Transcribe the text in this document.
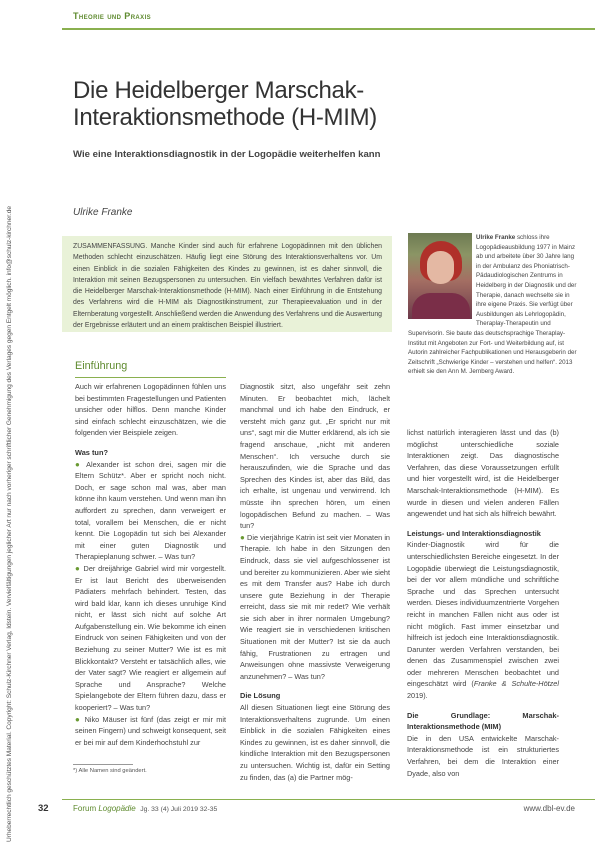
Urheberrechtlich geschütztes Material. Copyright: Schulz-Kirchner Verlag, Idstein. Vervielfältigungen jeglicher Art nur nach vorheriger schriftlicher Genehmigung des Verlages gegen Entgelt möglich. info@schulz-kirchner.de
Theorie und Praxis
Die Heidelberger Marschak-Interaktionsmethode (H-MIM)
Wie eine Interaktionsdiagnostik in der Logopädie weiterhelfen kann
Ulrike Franke
ZUSAMMENFASSUNG. Manche Kinder sind auch für erfahrene Logopädinnen mit den üblichen Methoden schlecht einzuschätzen. Häufig liegt eine Störung des Interaktionsverhaltens vor. Um einen Einblick in die sozialen Fähigkeiten des Kindes zu gewinnen, ist es daher sinnvoll, die Interaktion mit seinen Bezugspersonen zu untersuchen. Ein vielfach bewährtes Verfahren dafür ist die Heidelberger Marschak-Interaktionsmethode (H-MIM). Nach einer Einführung in die Entstehung des Verfahrens wird die H-MIM als Diagnostikinstrument, zur Therapieevaluation und in der Elternberatung vorgestellt. Anschließend werden die Anwendung des Verfahrens und die Auswertung der Ergebnisse erläutert und an einem praktischen Beispiel illustriert.
Ulrike Franke schloss ihre Logopädieausbildung 1977 in Mainz ab und arbeitete über 30 Jahre lang in der Ambulanz des Phoniatrisch-Pädaudiologischen Zentrums in Heidelberg in der Diagnostik und der Therapie, danach wechselte sie in ihre eigene Praxis. Sie verfügt über Ausbildungen als Lehrlogopädin, Theraplay-Therapeutin und Supervisorin. Sie baute das deutschsprachige Theraplay-Institut mit Angeboten zur Fort- und Weiterbildung auf, ist Autorin zahlreicher Fachpublikationen und Herausgeberin der Zeitschrift „Schwierige Kinder – verstehen und helfen“. 2013 erhielt sie den Ann M. Jernberg Award.
Einführung

Auch wir erfahrenen Logopädinnen fühlen uns bei bestimmten Fragestellungen und Patienten unsicher oder hilflos. Denn manche Kinder sind einfach schlecht einzuschätzen, wie die folgenden vier Beispiele zeigen.

Was tun?

● Alexander ist schon drei, sagen mir die Eltern Schütz*. Aber er spricht noch nicht. Doch, er sage schon mal was, aber man könne ihn kaum verstehen. Und wenn man ihn auffordert zu sprechen, dann verweigert er total, vorallem bei Menschen, die er nicht kennt. Die Logopädin tut sich bei Alexander mit einer guten Diagnostik und Therapieplanung schwer. – Was tun?

● Der dreijährige Gabriel wird mir vorgestellt. Er ist laut Bericht des überweisenden Pädiaters mehrfach behindert. Testen, das wird bald klar, kann ich dieses unruhige Kind nicht, er lässt sich nicht auf solche Art Aufgabenstellung ein. Wie bekomme ich einen Eindruck von seinen Fähigkeiten und von der Beziehung zu seiner Mutter? Wie ist es mit Blickkontakt? Versteht er tatsächlich alles, wie der Vater sagt? Wie reagiert er allgemein auf Sprache und Ansprache? Welche Spielangebote der Eltern führen dazu, dass er kooperiert? – Was tun?

● Niko Mäuser ist fünf (das zeigt er mir mit seinen Fingern) und schweigt konsequent, seit er bei mir auf dem Kinderhochstuhl zur

Diagnostik sitzt, also ungefähr seit zehn Minuten. Er beobachtet mich, lächelt manchmal und ich habe den Eindruck, er versteht mich ganz gut. „Er spricht nur mit uns“, sagt mir die Mutter erklärend, als ich sie fragend anschaue, „nicht mit anderen Menschen“. Ich versuche durch sie herauszufinden, wie die Sprache und das Sprechen des Kindes ist, aber das Bild, das ich erhalte, ist ungenau und verwirrend. Ich müsste ihn sprechen hören, um einen logopädischen Befund zu machen. – Was tun?

● Die vierjährige Katrin ist seit vier Monaten in Therapie. Ich habe in den Sitzungen den Eindruck, dass sie viel aufgeschlossener ist und bereiter zu kommunizieren. Aber wie sieht es mit dem Transfer aus? Habe ich durch unsere gute Beziehung in der Therapie erreicht, dass sie mit mir redet? Wie verhält sie sich aber in ihrer normalen Umgebung? Wie reagiert sie in verschiedenen kritischen Situationen mit der Mutter? Ist sie da auch fähig, Frustrationen zu ertragen und Anweisungen ohne massivste Verweigerung anzunehmen? – Was tun?

Die Lösung

All diesen Situationen liegt eine Störung des Interaktionsverhaltens zugrunde. Um einen Einblick in die sozialen Fähigkeiten eines Kindes zu gewinnen, ist es daher sinnvoll, die kindliche Interaktion mit den Bezugspersonen zu untersuchen. Wichtig ist, dafür ein Setting zu finden, das (a) die Partner mög-

lichst natürlich interagieren lässt und das (b) möglichst unterschiedliche soziale Interaktionen zeigt. Das diagnostische Verfahren, das diese Voraussetzungen erfüllt und hier vorgestellt wird, ist die Heidelberger Marschak-Interaktionsmethode (H-MIM). Es wurde in diesen und vielen anderen Fällen angewendet und hat sich als hilfreich bewährt.

Leistungs- und Interaktionsdiagnostik

Kinder-Diagnostik wird für die unterschiedlichsten Bereiche eingesetzt. In der Logopädie überwiegt die Leistungsdiagnostik, bei der vor allem mündliche und schriftliche Sprache und das Sprechen untersucht werden. Dieses individuumzentrierte Vorgehen reicht in manchen Fällen nicht aus oder ist nicht möglich. Fast immer einsetzbar und hilfreich ist jedoch eine Interaktionsdiagnostik. Darunter werden Verfahren verstanden, bei denen das Zusammenspiel zwischen zwei oder mehreren Menschen beobachtet und eingeschätzt wird (Franke & Schulte-Hötzel 2019).

Die Grundlage: Marschak-Interaktionsmethode (MIM)

Die in den USA entwickelte Marschak-Interaktionsmethode ist ein strukturiertes Verfahren, bei dem die Interaktion einer Dyade, also von

*) Alle Namen sind geändert.
32	Forum Logopädie Jg. 33 (4) Juli 2019 32-35	www.dbl-ev.de
